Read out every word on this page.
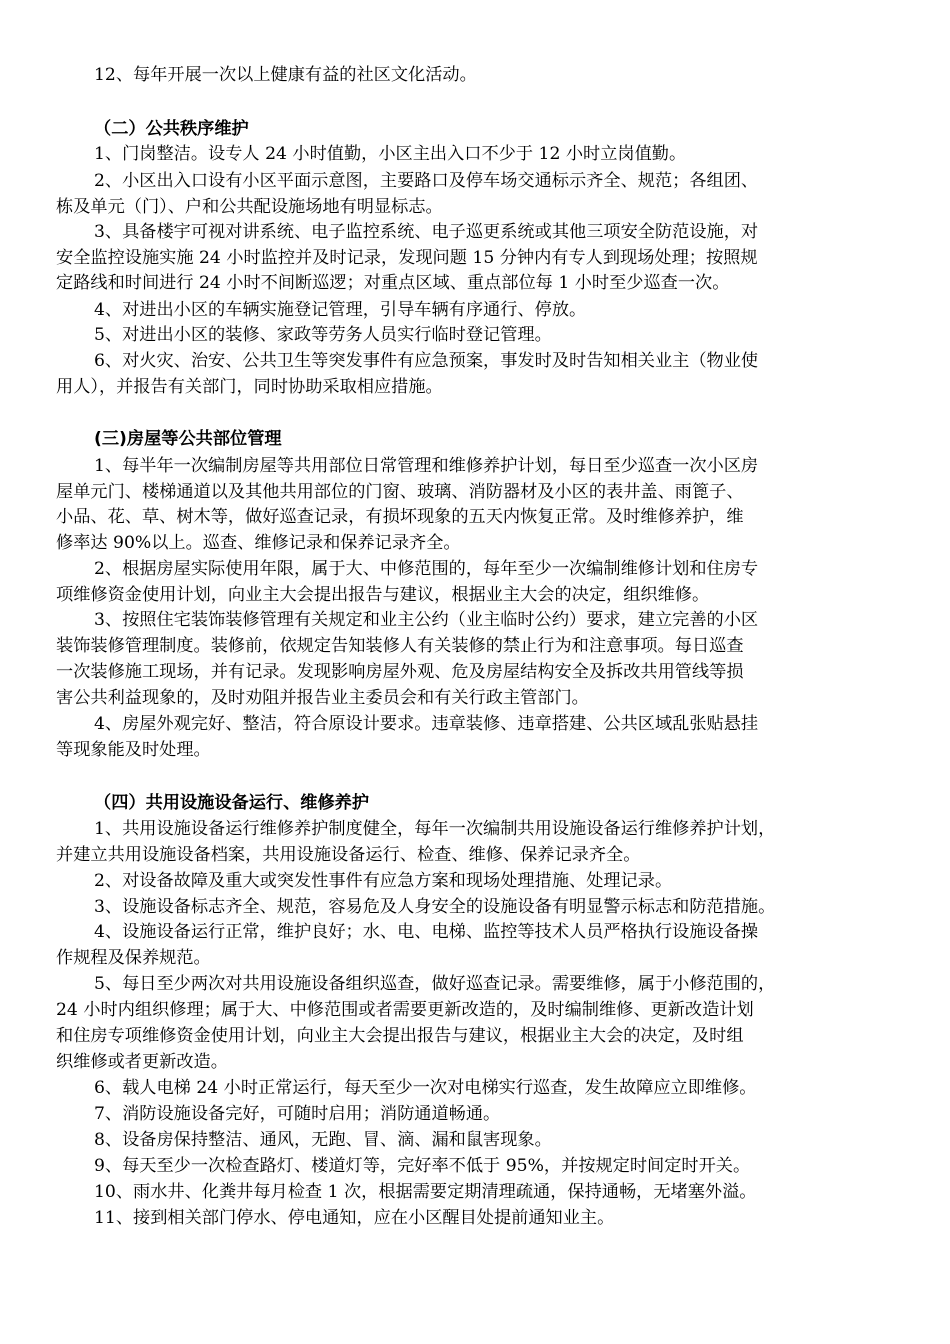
12、每年开展一次以上健康有益的社区文化活动。
（二）公共秩序维护
1、门岗整洁。设专人 24 小时值勤，小区主出入口不少于 12 小时立岗值勤。
2、小区出入口设有小区平面示意图，主要路口及停车场交通标示齐全、规范；各组团、
栋及单元（门）、户和公共配设施场地有明显标志。
3、具备楼宇可视对讲系统、电子监控系统、电子巡更系统或其他三项安全防范设施，对
安全监控设施实施 24 小时监控并及时记录，发现问题 15 分钟内有专人到现场处理；按照规
定路线和时间进行 24 小时不间断巡逻；对重点区域、重点部位每 1 小时至少巡查一次。
4、对进出小区的车辆实施登记管理，引导车辆有序通行、停放。
5、对进出小区的装修、家政等劳务人员实行临时登记管理。
6、对火灾、治安、公共卫生等突发事件有应急预案，事发时及时告知相关业主（物业使
用人），并报告有关部门，同时协助采取相应措施。
(三)房屋等公共部位管理
1、每半年一次编制房屋等共用部位日常管理和维修养护计划，每日至少巡查一次小区房
屋单元门、楼梯通道以及其他共用部位的门窗、玻璃、消防器材及小区的表井盖、雨篦子、
小品、花、草、树木等，做好巡查记录，有损坏现象的五天内恢复正常。及时维修养护，维
修率达 90%以上。巡查、维修记录和保养记录齐全。
2、根据房屋实际使用年限，属于大、中修范围的，每年至少一次编制维修计划和住房专
项维修资金使用计划，向业主大会提出报告与建议，根据业主大会的决定，组织维修。
3、按照住宅装饰装修管理有关规定和业主公约（业主临时公约）要求，建立完善的小区
装饰装修管理制度。装修前，依规定告知装修人有关装修的禁止行为和注意事项。每日巡查
一次装修施工现场，并有记录。发现影响房屋外观、危及房屋结构安全及拆改共用管线等损
害公共利益现象的，及时劝阻并报告业主委员会和有关行政主管部门。
4、房屋外观完好、整洁，符合原设计要求。违章装修、违章搭建、公共区域乱张贴悬挂
等现象能及时处理。
（四）共用设施设备运行、维修养护
1、共用设施设备运行维修养护制度健全，每年一次编制共用设施设备运行维修养护计划，
并建立共用设施设备档案，共用设施设备运行、检查、维修、保养记录齐全。
2、对设备故障及重大或突发性事件有应急方案和现场处理措施、处理记录。
3、设施设备标志齐全、规范，容易危及人身安全的设施设备有明显警示标志和防范措施。
4、设施设备运行正常，维护良好；水、电、电梯、监控等技术人员严格执行设施设备操
作规程及保养规范。
5、每日至少两次对共用设施设备组织巡查，做好巡查记录。需要维修，属于小修范围的，
24 小时内组织修理；属于大、中修范围或者需要更新改造的，及时编制维修、更新改造计划
和住房专项维修资金使用计划，向业主大会提出报告与建议，根据业主大会的决定，及时组
织维修或者更新改造。
6、载人电梯 24 小时正常运行，每天至少一次对电梯实行巡查，发生故障应立即维修。
7、消防设施设备完好，可随时启用；消防通道畅通。
8、设备房保持整洁、通风，无跑、冒、滴、漏和鼠害现象。
9、每天至少一次检查路灯、楼道灯等，完好率不低于 95%，并按规定时间定时开关。
10、雨水井、化粪井每月检查 1 次，根据需要定期清理疏通，保持通畅，无堵塞外溢。
11、接到相关部门停水、停电通知，应在小区醒目处提前通知业主。
